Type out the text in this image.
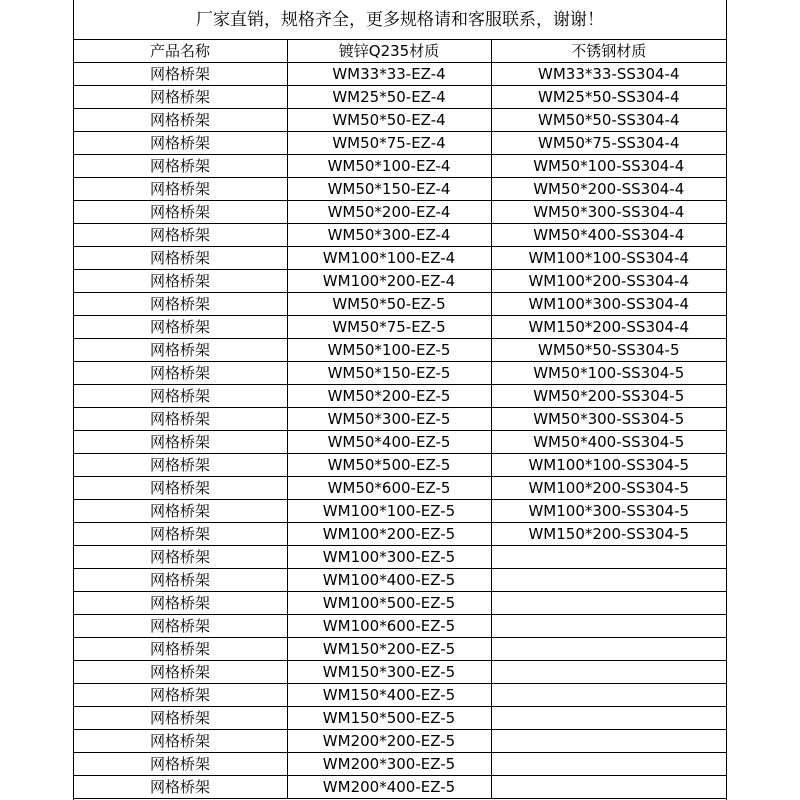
厂家直销，规格齐全，更多规格请和客服联系，谢谢！
产品名称	镀锌Q235材质	不锈钢材质
网格桥架	WM33*33-EZ-4	WM33*33-SS304-4
网格桥架	WM25*50-EZ-4	WM25*50-SS304-4
网格桥架	WM50*50-EZ-4	WM50*50-SS304-4
网格桥架	WM50*75-EZ-4	WM50*75-SS304-4
网格桥架	WM50*100-EZ-4	WM50*100-SS304-4
网格桥架	WM50*150-EZ-4	WM50*200-SS304-4
网格桥架	WM50*200-EZ-4	WM50*300-SS304-4
网格桥架	WM50*300-EZ-4	WM50*400-SS304-4
网格桥架	WM100*100-EZ-4	WM100*100-SS304-4
网格桥架	WM100*200-EZ-4	WM100*200-SS304-4
网格桥架	WM50*50-EZ-5	WM100*300-SS304-4
网格桥架	WM50*75-EZ-5	WM150*200-SS304-4
网格桥架	WM50*100-EZ-5	WM50*50-SS304-5
网格桥架	WM50*150-EZ-5	WM50*100-SS304-5
网格桥架	WM50*200-EZ-5	WM50*200-SS304-5
网格桥架	WM50*300-EZ-5	WM50*300-SS304-5
网格桥架	WM50*400-EZ-5	WM50*400-SS304-5
网格桥架	WM50*500-EZ-5	WM100*100-SS304-5
网格桥架	WM50*600-EZ-5	WM100*200-SS304-5
网格桥架	WM100*100-EZ-5	WM100*300-SS304-5
网格桥架	WM100*200-EZ-5	WM150*200-SS304-5
网格桥架	WM100*300-EZ-5	
网格桥架	WM100*400-EZ-5	
网格桥架	WM100*500-EZ-5	
网格桥架	WM100*600-EZ-5	
网格桥架	WM150*200-EZ-5	
网格桥架	WM150*300-EZ-5	
网格桥架	WM150*400-EZ-5	
网格桥架	WM150*500-EZ-5	
网格桥架	WM200*200-EZ-5	
网格桥架	WM200*300-EZ-5	
网格桥架	WM200*400-EZ-5	
